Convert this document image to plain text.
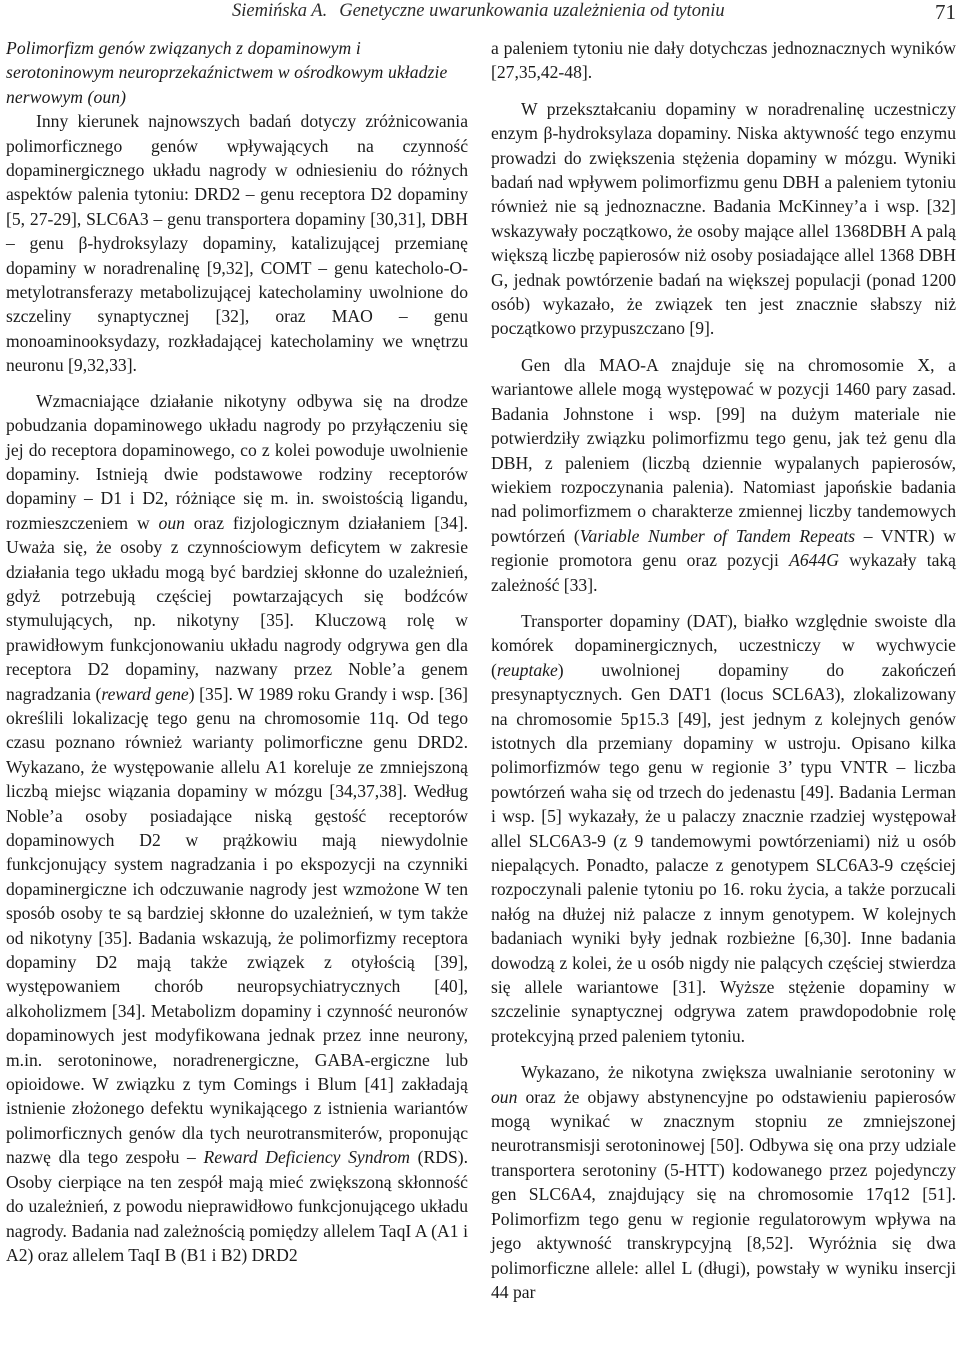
Siemińska A. Genetyczne uwarunkowania uzależnienia od tytoniu	71
Polimorfizm genów związanych z dopaminowym i serotoninowym neuroprzekaźnictwem w ośrodkowym układzie nerwowym (oun)

Inny kierunek najnowszych badań dotyczy zróżnicowania polimorficznego genów wpływających na czynność dopaminergicznego układu nagrody w odniesieniu do różnych aspektów palenia tytoniu: DRD2 – genu receptora D2 dopaminy [5, 27-29], SLC6A3 – genu transportera dopaminy [30,31], DBH – genu β-hydroksylazy dopaminy, katalizującej przemianę dopaminy w noradrenalinę [9,32], COMT – genu katecholo-O-metylotransferazy metabolizującej katecholaminy uwolnione do szczeliny synaptycznej [32], oraz MAO – genu monoaminooksydazy, rozkładającej katecholaminy we wnętrzu neuronu [9,32,33].

Wzmacniające działanie nikotyny odbywa się na drodze pobudzania dopaminowego układu nagrody po przyłączeniu się jej do receptora dopaminowego, co z kolei powoduje uwolnienie dopaminy. Istnieją dwie podstawowe rodziny receptorów dopaminy – D1 i D2, różniące się m. in. swoistością ligandu, rozmieszczeniem w oun oraz fizjologicznym działaniem [34]. Uważa się, że osoby z czynnościowym deficytem w zakresie działania tego układu mogą być bardziej skłonne do uzależnień, gdyż potrzebują częściej powtarzających się bodźców stymulujących, np. nikotyny [35]. Kluczową rolę w prawidłowym funkcjonowaniu układu nagrody odgrywa gen dla receptora D2 dopaminy, nazwany przez Noble’a genem nagradzania (reward gene) [35]. W 1989 roku Grandy i wsp. [36] określili lokalizację tego genu na chromosomie 11q. Od tego czasu poznano również warianty polimorficzne genu DRD2. Wykazano, że występowanie allelu A1 koreluje ze zmniejszoną liczbą miejsc wiązania dopaminy w mózgu [34,37,38]. Według Noble’a osoby posiadające niską gęstość receptorów dopaminowych D2 w prążkowiu mają niewydolnie funkcjonujący system nagradzania i po ekspozycji na czynniki dopaminergiczne ich odczuwanie nagrody jest wzmożone W ten sposób osoby te są bardziej skłonne do uzależnień, w tym także od nikotyny [35]. Badania wskazują, że polimorfizmy receptora dopaminy D2 mają także związek z otyłością [39], występowaniem chorób neuropsychiatrycznych [40], alkoholizmem [34]. Metabolizm dopaminy i czynność neuronów dopaminowych jest modyfikowana jednak przez inne neurony, m.in. serotoninowe, noradrenergiczne, GABA-ergiczne lub opioidowe. W związku z tym Comings i Blum [41] zakładają istnienie złożonego defektu wynikającego z istnienia wariantów polimorficznych genów dla tych neurotransmiterów, proponując nazwę dla tego zespołu – Reward Deficiency Syndrom (RDS). Osoby cierpiące na ten zespół mają mieć zwiększoną skłonność do uzależnień, z powodu nieprawidłowo funkcjonującego układu nagrody. Badania nad zależnością pomiędzy allelem TaqI A (A1 i A2) oraz allelem TaqI B (B1 i B2) DRD2

a paleniem tytoniu nie dały dotychczas jednoznacznych wyników [27,35,42-48].

W przekształcaniu dopaminy w noradrenalinę uczestniczy enzym β-hydroksylaza dopaminy. Niska aktywność tego enzymu prowadzi do zwiększenia stężenia dopaminy w mózgu. Wyniki badań nad wpływem polimorfizmu genu DBH a paleniem tytoniu również nie są jednoznaczne. Badania McKinney’a i wsp. [32] wskazywały początkowo, że osoby mające allel 1368DBH A palą większą liczbę papierosów niż osoby posiadające allel 1368 DBH G, jednak powtórzenie badań na większej populacji (ponad 1200 osób) wykazało, że związek ten jest znacznie słabszy niż początkowo przypuszczano [9].

Gen dla MAO-A znajduje się na chromosomie X, a wariantowe allele mogą występować w pozycji 1460 pary zasad. Badania Johnstone i wsp. [99] na dużym materiale nie potwierdziły związku polimorfizmu tego genu, jak też genu dla DBH, z paleniem (liczbą dziennie wypalanych papierosów, wiekiem rozpoczynania palenia). Natomiast japońskie badania nad polimorfizmem o charakterze zmiennej liczby tandemowych powtórzeń (Variable Number of Tandem Repeats – VNTR) w regionie promotora genu oraz pozycji A644G wykazały taką zależność [33].

Transporter dopaminy (DAT), białko względnie swoiste dla komórek dopaminergicznych, uczestniczy w wychwycie (reuptake) uwolnionej dopaminy do zakończeń presynaptycznych. Gen DAT1 (locus SCL6A3), zlokalizowany na chromosomie 5p15.3 [49], jest jednym z kolejnych genów istotnych dla przemiany dopaminy w ustroju. Opisano kilka polimorfizmów tego genu w regionie 3’ typu VNTR – liczba powtórzeń waha się od trzech do jedenastu [49]. Badania Lerman i wsp. [5] wykazały, że u palaczy znacznie rzadziej występował allel SLC6A3-9 (z 9 tandemowymi powtórzeniami) niż u osób niepalących. Ponadto, palacze z genotypem SLC6A3-9 częściej rozpoczynali palenie tytoniu po 16. roku życia, a także porzucali nałóg na dłużej niż palacze z innym genotypem. W kolejnych badaniach wyniki były jednak rozbieżne [6,30]. Inne badania dowodzą z kolei, że u osób nigdy nie palących częściej stwierdza się allele wariantowe [31]. Wyższe stężenie dopaminy w szczelinie synaptycznej odgrywa zatem prawdopodobnie rolę protekcyjną przed paleniem tytoniu.

Wykazano, że nikotyna zwiększa uwalnianie serotoniny w oun oraz że objawy abstynencyjne po odstawieniu papierosów mogą wynikać w znacznym stopniu ze zmniejszonej neurotransmisji serotoninowej [50]. Odbywa się ona przy udziale transportera serotoniny (5-HTT) kodowanego przez pojedynczy gen SLC6A4, znajdujący się na chromosomie 17q12 [51]. Polimorfizm tego genu w regionie regulatorowym wpływa na jego aktywność transkrypcyjną [8,52]. Wyróżnia się dwa polimorficzne allele: allel L (długi), powstały w wyniku insercji 44 par
